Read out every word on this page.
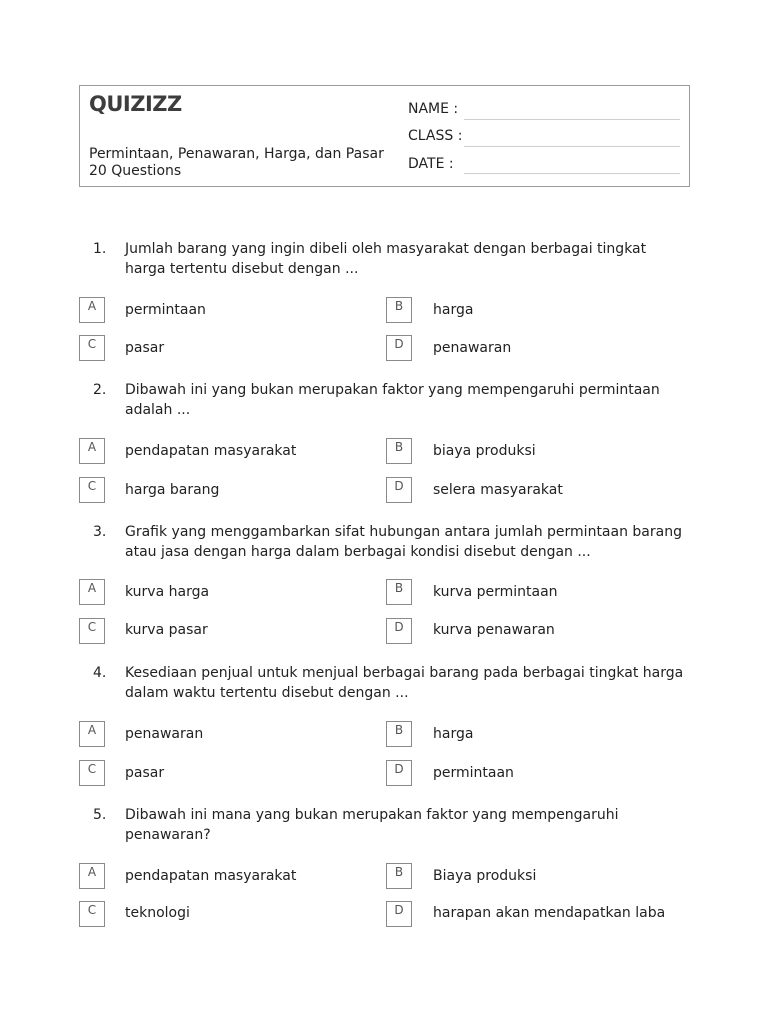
QUIZIZZ
Permintaan, Penawaran, Harga, dan Pasar
20 Questions
NAME :
CLASS :
DATE :
1. Jumlah barang yang ingin dibeli oleh masyarakat dengan berbagai tingkat harga tertentu disebut dengan ...
A	permintaan	B	harga
C	pasar	D	penawaran
2. Dibawah ini yang bukan merupakan faktor yang mempengaruhi permintaan adalah ...
A	pendapatan masyarakat	B	biaya produksi
C	harga barang	D	selera masyarakat
3. Grafik yang menggambarkan sifat hubungan antara jumlah permintaan barang atau jasa dengan harga dalam berbagai kondisi disebut dengan ...
A	kurva harga	B	kurva permintaan
C	kurva pasar	D	kurva penawaran
4. Kesediaan penjual untuk menjual berbagai barang pada berbagai tingkat harga dalam waktu tertentu disebut dengan ...
A	penawaran	B	harga
C	pasar	D	permintaan
5. Dibawah ini mana yang bukan merupakan faktor yang mempengaruhi penawaran?
A	pendapatan masyarakat	B	Biaya produksi
C	teknologi	D	harapan akan mendapatkan laba
